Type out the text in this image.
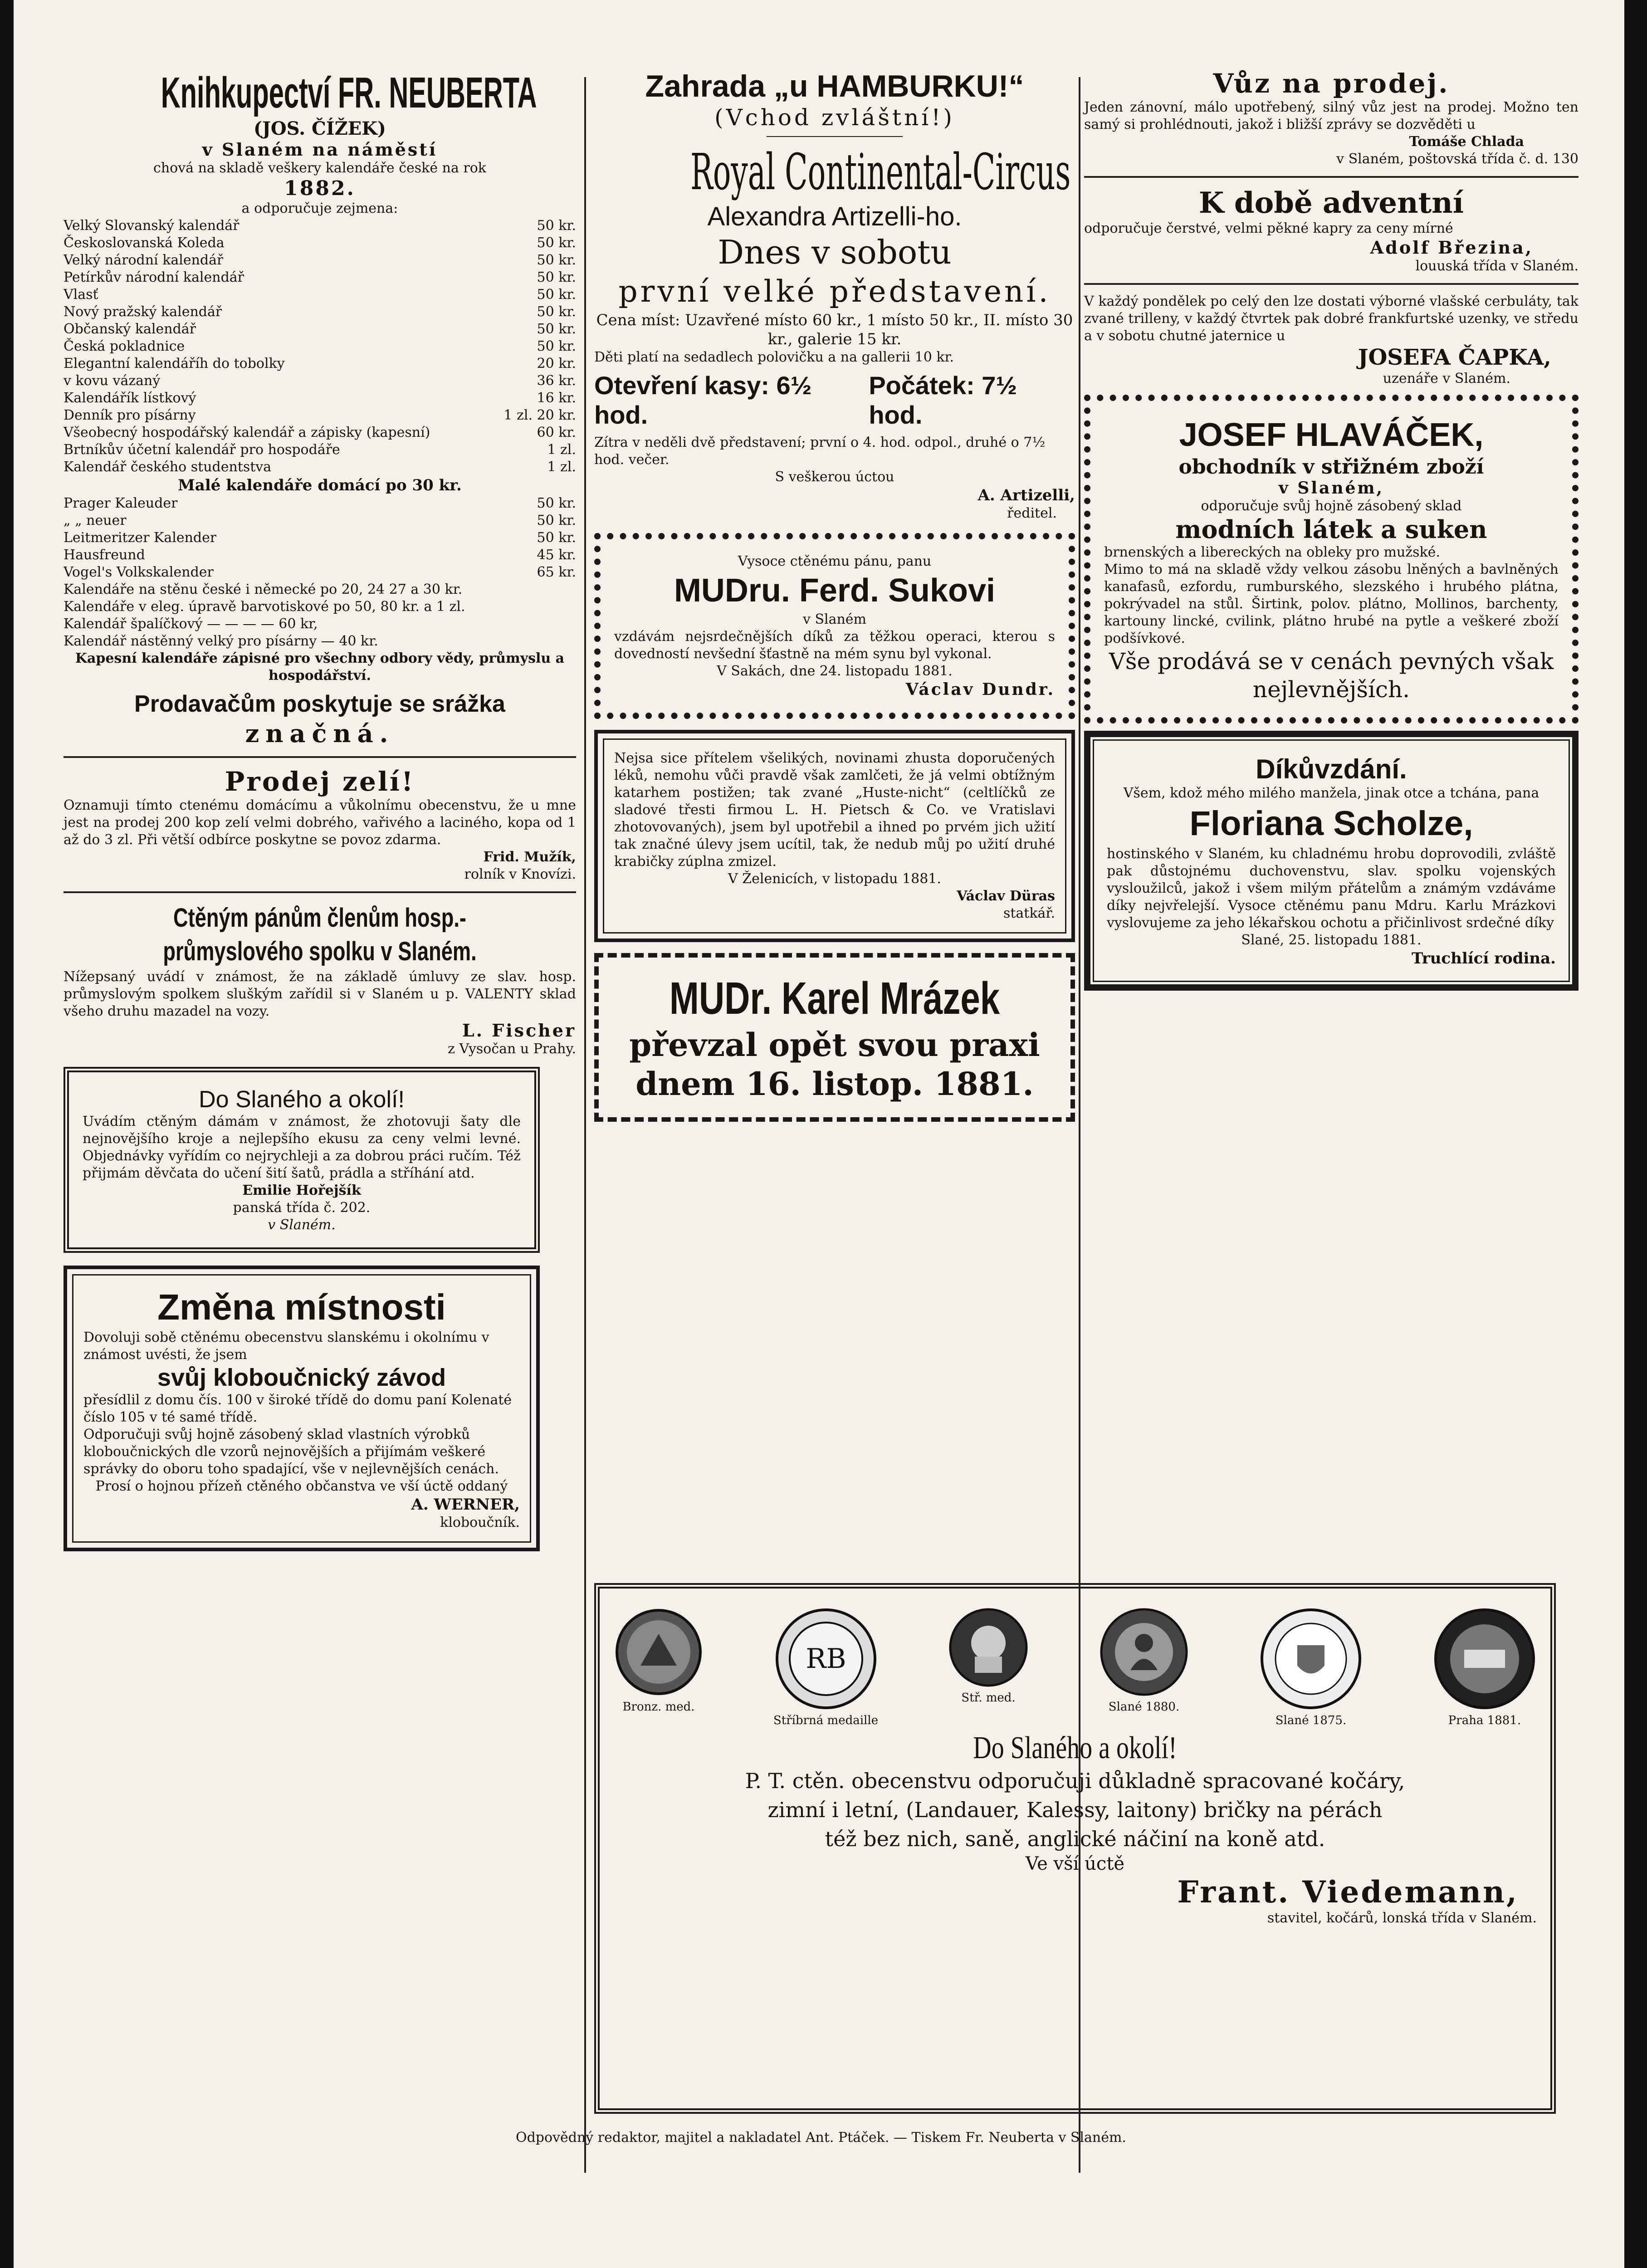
Knihkupectví FR. NEUBERTA

(JOS. ČÍŽEK)

v Slaném na náměstí

chová na skladě veškery kalendáře české na rok

1882.

a odporučuje zejmena:

Velký Slovanský kalendář	50 kr.
Českoslovanská Koleda	50 kr.
Velký národní kalendář	50 kr.
Petírkův národní kalendář	50 kr.
Vlasť	50 kr.
Nový pražský kalendář	50 kr.
Občanský kalendář	50 kr.
Česká pokladnice	50 kr.
Elegantní kalendáříh do tobolky	20 kr.
v kovu vázaný	36 kr.
Kalendářík lístkový	16 kr.
Denník pro písárny	1 zl. 20 kr.
Všeobecný hospodářský kalendář a zápisky (kapesní)	60 kr.
Brtníkův účetní kalendář pro hospodáře	1 zl.
Kalendář českého studentstva	1 zl.

Malé kalendáře domácí po 30 kr.

Prager Kaleuder	50 kr.
„ „ neuer	50 kr.
Leitmeritzer Kalender	50 kr.
Hausfreund	45 kr.
Vogel's Volkskalender	65 kr.

Kalendáře na stěnu české i německé po 20, 24 27 a 30 kr.

Kalendáře v eleg. úpravě barvotiskové po 50, 80 kr. a 1 zl.

Kalendář špalíčkový — — — — 60 kr,

Kalendář nástěnný velký pro písárny — 40 kr.

Kapesní kalendáře zápisné pro všechny odbory vědy, průmyslu a hospodářství.

Prodavačům poskytuje se srážka

značná.

Prodej zelí!

Oznamuji tímto ctenému domácímu a vůkolnímu obecenstvu, že u mne jest na prodej 200 kop zelí velmi dobrého, vařivého a laciného, kopa od 1 až do 3 zl. Při větší odbírce poskytne se povoz zdarma.

Frid. Mužík,

rolník v Knovízi.

Ctěným pánům členům hosp.-průmyslového spolku v Slaném.

Nížepsaný uvádí v známost, že na základě úmluvy ze slav. hosp. průmyslovým spolkem sluškým zařídil si v Slaném u p. VALENTY sklad všeho druhu mazadel na vozy.

L. Fischer

z Vysočan u Prahy.

Do Slaného a okolí!

Uvádím ctěným dámám v známost, že zhotovuji šaty dle nejnovějšího kroje a nejlepšího ekusu za ceny velmi levné. Objednávky vyřídím co nejrychleji a za dobrou práci ručím. Též přijmám děvčata do učení šití šatů, prádla a stříhání atd.

Emilie Hořejšík

panská třída č. 202.

v Slaném.

Změna místnosti

Dovoluji sobě ctěnému obecenstvu slanskému i okolnímu v známost uvésti, že jsem

svůj kloboučnický závod

přesídlil z domu čís. 100 v široké třídě do domu paní Kolenaté číslo 105 v té samé třídě.

Odporučuji svůj hojně zásobený sklad vlastních výrobků kloboučnických dle vzorů nejnovějších a přijímám veškeré správky do oboru toho spadající, vše v nejlevnějších cenách.

Prosí o hojnou přízeň ctěného občanstva ve vší úctě oddaný

A. WERNER,

kloboučník.

Zahrada „u HAMBURKU!“

(Vchod zvláštní!)

Royal Continental-Circus

Alexandra Artizelli-ho.

Dnes v sobotu

první velké představení.

Cena míst: Uzavřené místo 60 kr., 1 místo 50 kr., II. místo 30 kr., galerie 15 kr.

Děti platí na sedadlech polovičku a na gallerii 10 kr.

Otevření kasy: 6½ hod.
Počátek: 7½ hod.

Zítra v neděli dvě představení; první o 4. hod. odpol., druhé o 7½ hod. večer.

S veškerou úctou

A. Artizelli,

ředitel.

Vysoce ctěnému pánu, panu

MUDru. Ferd. Sukovi

v Slaném

vzdávám nejsrdečnějších díků za těžkou operaci, kterou s dovedností nevšední šťastně na mém synu byl vykonal.

V Sakách, dne 24. listopadu 1881.

Václav Dundr.

Nejsa sice přítelem všelikých, novinami zhusta doporučených léků, nemohu vůči pravdě však zamlčeti, že já velmi obtížným katarhem postižen; tak zvané „Huste-nicht“ (celtlíčků ze sladové třesti firmou L. H. Pietsch & Co. ve Vratislavi zhotovovaných), jsem byl upotřebil a ihned po prvém jich užití tak značné úlevy jsem ucítil, tak, že nedub můj po užití druhé krabičky zúplna zmizel.

V Želenicích, v listopadu 1881.

Václav Düras

statkář.

MUDr. Karel Mrázek

převzal opět svou praxi dnem 16. listop. 1881.

Vůz na prodej.

Jeden zánovní, málo upotřebený, silný vůz jest na prodej. Možno ten samý si prohlédnouti, jakož i bližší zprávy se dozvěděti u

Tomáše Chlada

v Slaném, poštovská třída č. d. 130

K době adventní

odporučuje čerstvé, velmi pěkné kapry za ceny mírné

Adolf Březina,

louuská třída v Slaném.

V každý pondělek po celý den lze dostati výborné vlašské cerbuláty, tak zvané trilleny, v každý čtvrtek pak dobré frankfurtské uzenky, ve středu a v sobotu chutné jaternice u

JOSEFA ČAPKA,

uzenáře v Slaném.

JOSEF HLAVÁČEK,

obchodník v střižném zboží

v Slaném,

odporučuje svůj hojně zásobený sklad

modních látek a suken

brnenských a libereckých na obleky pro mužské.

Mimo to má na skladě vždy velkou zásobu lněných a bavlněných kanafasů, ezfordu, rumburského, slezského i hrubého plátna, pokrývadel na stůl. Širtink, polov. plátno, Mollinos, barchenty, kartouny lincké, cvilink, plátno hrubé na pytle a veškeré zboží podšívkové.

Vše prodává se v cenách pevných však nejlevnějších.

Díkůvzdání.

Všem, kdož mého milého manžela, jinak otce a tchána, pana

Floriana Scholze,

hostinského v Slaném, ku chladnému hrobu doprovodili, zvláště pak důstojnému duchovenstvu, slav. spolku vojenských vysloužilců, jakož i všem milým přátelům a známým vzdáváme díky nejvřelejší. Vysoce ctěnému panu Mdru. Karlu Mrázkovi vyslovujeme za jeho lékařskou ochotu a přičinlivost srdečné díky

Slané, 25. listopadu 1881.

Truchlící rodina.

Bronz. med.
RB
Stříbrná medaille
Stř. med.
Slané 1880.
Slané 1875.	Praha 1881.

Do Slaného a okolí!

P. T. ctěn. obecenstvu odporučuji důkladně spracované kočáry,

zimní i letní, (Landauer, Kalessy, laitony) bričky na pérách

též bez nich, saně, anglické náčiní na koně atd.

Ve vší úctě

Frant. Viedemann,

stavitel, kočárů, lonská třída v Slaném.

Odpovědný redaktor, majitel a nakladatel Ant. Ptáček. — Tiskem Fr. Neuberta v Slaném.
